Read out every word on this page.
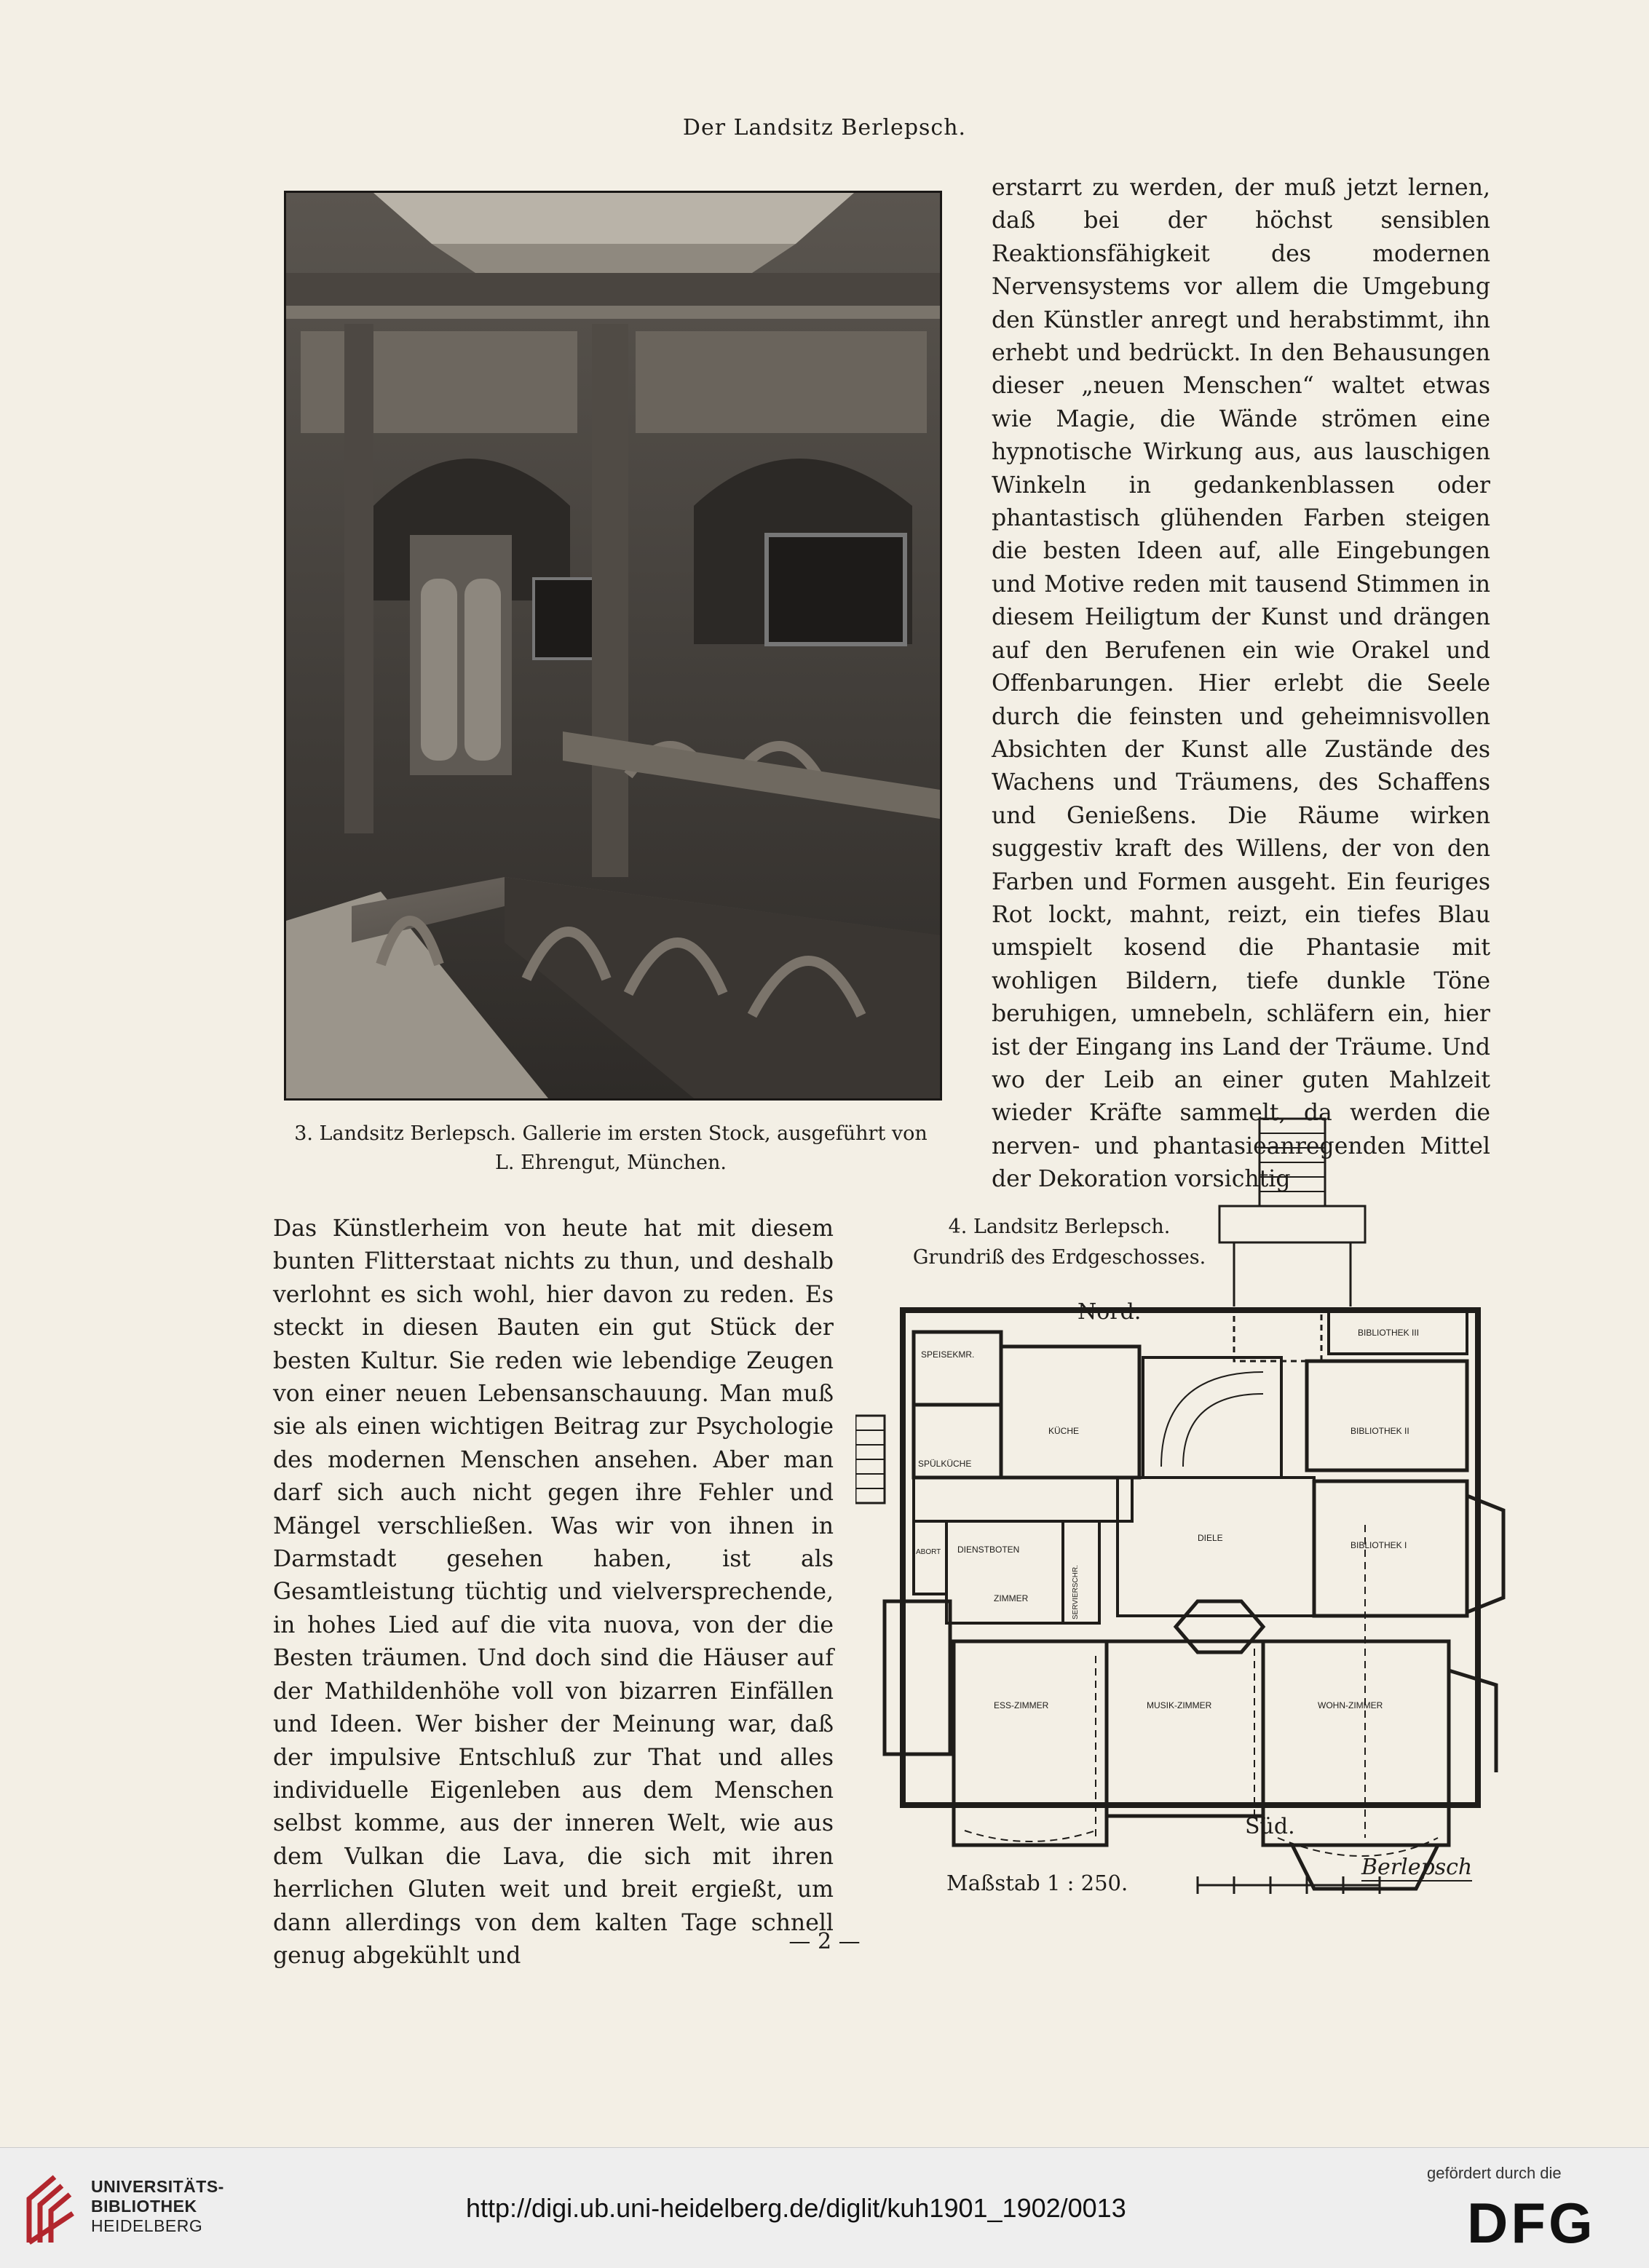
Der Landsitz Berlepsch.
3. Landsitz Berlepsch. Gallerie im ersten Stock, ausgeführt von
L. Ehrengut, München.

erstarrt zu werden, der muß jetzt lernen, daß bei der höchst sensiblen Reaktionsfähigkeit des modernen Nervensystems vor allem die Umgebung den Künstler anregt und herabstimmt, ihn erhebt und bedrückt. In den Behausungen dieser „neuen Menschen“ waltet etwas wie Magie, die Wände strömen eine hypnotische Wirkung aus, aus lauschigen Winkeln in gedankenblassen oder phantastisch glühenden Farben steigen die besten Ideen auf, alle Eingebungen und Motive reden mit tausend Stimmen in diesem Heiligtum der Kunst und drängen auf den Berufenen ein wie Orakel und Offenbarungen. Hier erlebt die Seele durch die feinsten und geheimnisvollen Absichten der Kunst alle Zustände des Wachens und Träumens, des Schaffens und Genießens. Die Räume wirken suggestiv kraft des Willens, der von den Farben und Formen ausgeht. Ein feuriges Rot lockt, mahnt, reizt, ein tiefes Blau umspielt kosend die Phantasie mit wohligen Bildern, tiefe dunkle Töne beruhigen, umnebeln, schläfern ein, hier ist der Eingang ins Land der Träume. Und wo der Leib an einer guten Mahlzeit wieder Kräfte sammelt, da werden die nerven- und phantasieanregenden Mittel der Dekoration vorsichtig

Das Künstlerheim von heute hat mit diesem bunten Flitterstaat nichts zu thun, und deshalb verlohnt es sich wohl, hier davon zu reden. Es steckt in diesen Bauten ein gut Stück der besten Kultur. Sie reden wie lebendige Zeugen von einer neuen Lebensanschauung. Man muß sie als einen wichtigen Beitrag zur Psychologie des modernen Menschen ansehen. Aber man darf sich auch nicht gegen ihre Fehler und Mängel verschließen. Was wir von ihnen in Darmstadt gesehen haben, ist als Gesamtleistung tüchtig und vielversprechende, in hohes Lied auf die vita nuova, von der die Besten träumen. Und doch sind die Häuser auf der Mathildenhöhe voll von bizarren Einfällen und Ideen. Wer bisher der Meinung war, daß der impulsive Entschluß zur That und alles individuelle Eigenleben aus dem Menschen selbst komme, aus der inneren Welt, wie aus dem Vulkan die Lava, die sich mit ihren herrlichen Gluten weit und breit ergießt, um dann allerdings von dem kalten Tage schnell genug abgekühlt und

SPEISEKMR.
SPÜLKÜCHE
KÜCHE
BIBLIOTHEK III
BIBLIOTHEK II
BIBLIOTHEK I
DIELE
ABORT DIENSTBOTEN
ZIMMER	SERVIERSCHR.
ESS-ZIMMER	MUSIK-ZIMMER	WOHN-ZIMMER
4. Landsitz Berlepsch.
Grundriß des Erdgeschosses.
Nord.
Süd.
Maßstab 1 : 250.
Berlepsch
— 2 —
UNIVERSITÄTS-
BIBLIOTHEK
HEIDELBERG
http://digi.ub.uni-heidelberg.de/diglit/kuh1901_1902/0013
gefördert durch die
DFG
